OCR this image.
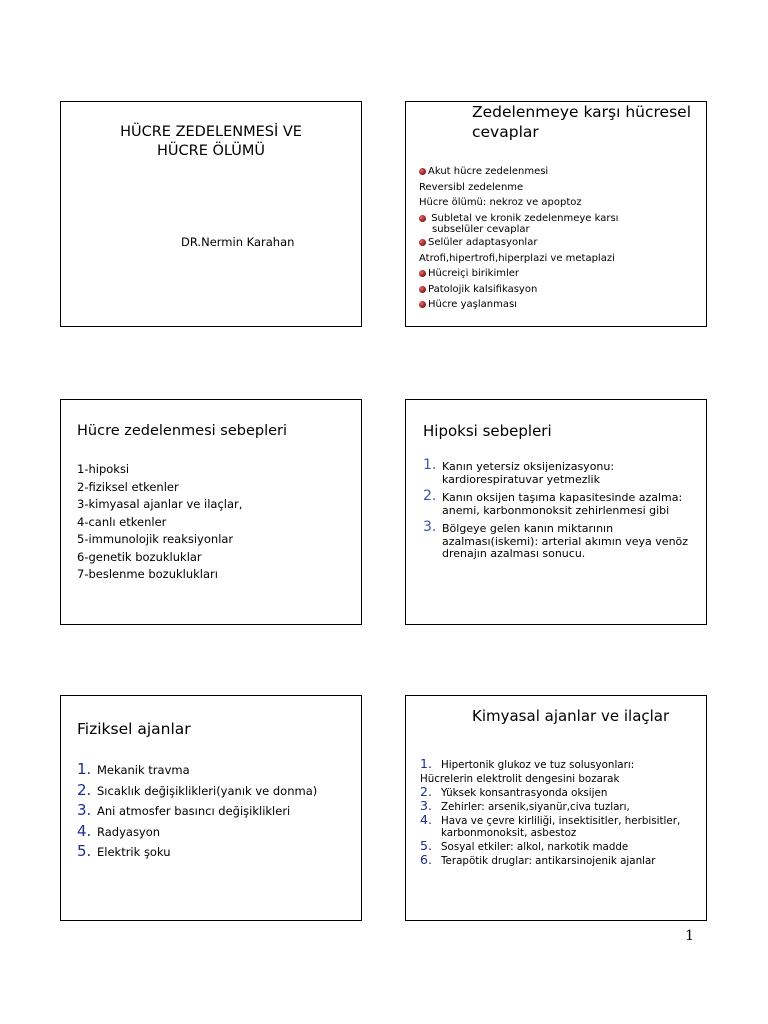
HÜCRE ZEDELENMESİ VE
HÜCRE ÖLÜMÜ
DR.Nermin Karahan
Zedelenmeye karşı hücresel
cevaplar
Akut hücre zedelenmesi
Reversibl zedelenme
Hücre ölümü: nekroz ve apoptoz
Subletal ve kronik zedelenmeye karsı
subselüler cevaplar
Selüler adaptasyonlar
Atrofi,hipertrofi,hiperplazi ve metaplazi
Hücreiçi birikimler
Patolojik kalsifikasyon
Hücre yaşlanması
Hücre zedelenmesi sebepleri
1-hipoksi
2-fiziksel etkenler
3-kimyasal ajanlar ve ilaçlar,
4-canlı etkenler
5-immunolojik reaksiyonlar
6-genetik bozukluklar
7-beslenme bozuklukları
Hipoksi sebepleri
1. Kanın yetersiz oksijenizasyonu: kardiorespiratuvar yetmezlik
2. Kanın oksijen taşıma kapasitesinde azalma: anemi, karbonmonoksit zehirlenmesi gibi
3. Bölgeye gelen kanın miktarının azalması(iskemi): arterial akımın veya venöz drenajın azalması sonucu.
Fiziksel ajanlar
1. Mekanik travma
2. Sıcaklık değişiklikleri(yanık ve donma)
3. Ani atmosfer basıncı değişiklikleri
4. Radyasyon
5. Elektrik şoku
Kimyasal ajanlar ve ilaçlar
1. Hipertonik glukoz ve tuz solusyonları:
Hücrelerin elektrolit dengesini bozarak
2. Yüksek konsantrasyonda oksijen
3. Zehirler: arsenik,siyanür,civa tuzları,
4. Hava ve çevre kirliliği, insektisitler, herbisitler, karbonmonoksit, asbestoz
5. Sosyal etkiler: alkol, narkotik madde
6. Terapötik druglar: antikarsinojenik ajanlar
1
